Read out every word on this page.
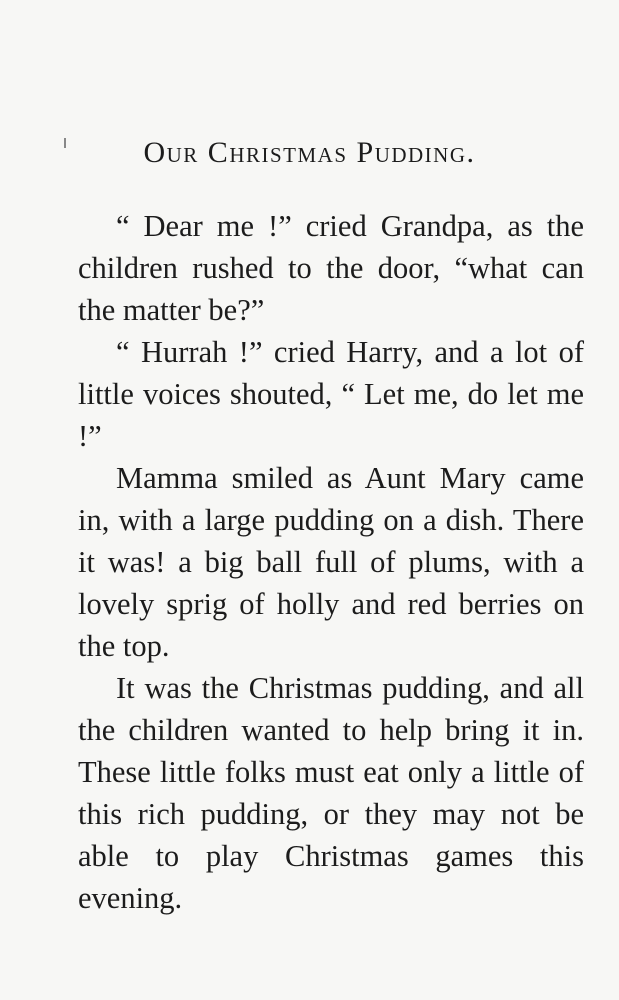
Our Christmas Pudding.

“ Dear me !” cried Grandpa, as the children rushed to the door, “what can the matter be?”

“ Hurrah !” cried Harry, and a lot of little voices shouted, “ Let me, do let me !”

Mamma smiled as Aunt Mary came in, with a large pudding on a dish. There it was! a big ball full of plums, with a lovely sprig of holly and red berries on the top.

It was the Christmas pudding, and all the children wanted to help bring it in. These little folks must eat only a little of this rich pudding, or they may not be able to play Christmas games this evening.
